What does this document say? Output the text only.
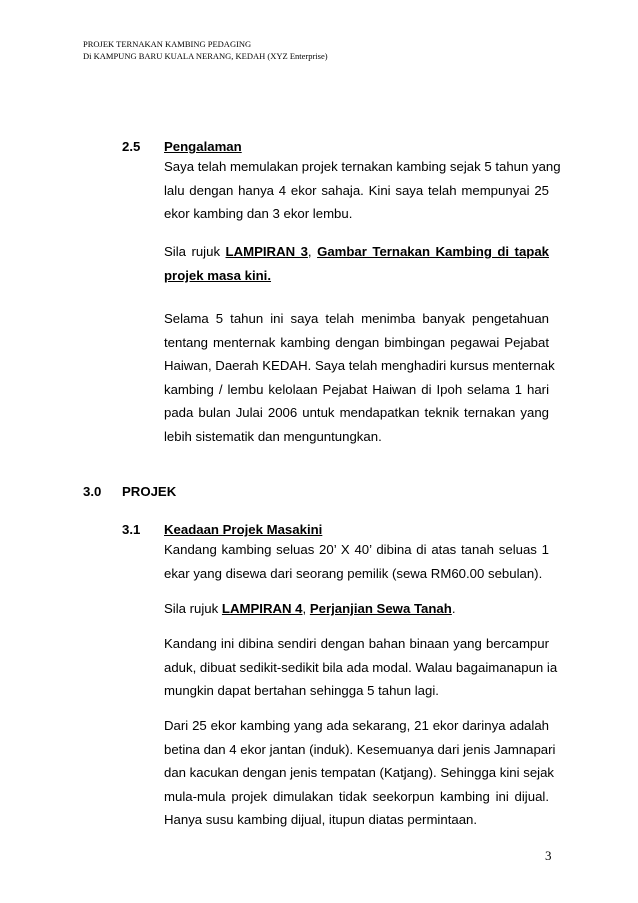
PROJEK TERNAKAN KAMBING PEDAGING
Di KAMPUNG BARU KUALA NERANG, KEDAH (XYZ Enterprise)
2.5 Pengalaman
Saya telah memulakan projek ternakan kambing sejak 5 tahun yang
lalu dengan hanya 4 ekor sahaja. Kini saya telah mempunyai 25
ekor kambing dan 3 ekor lembu.
Sila rujuk LAMPIRAN 3, Gambar Ternakan Kambing di tapak
projek masa kini.
Selama 5 tahun ini saya telah menimba banyak pengetahuan
tentang menternak kambing dengan bimbingan pegawai Pejabat
Haiwan, Daerah KEDAH. Saya telah menghadiri kursus menternak
kambing / lembu kelolaan Pejabat Haiwan di Ipoh selama 1 hari
pada bulan Julai 2006 untuk mendapatkan teknik ternakan yang
lebih sistematik dan menguntungkan.
3.0 PROJEK
3.1 Keadaan Projek Masakini
Kandang kambing seluas 20’ X 40’ dibina di atas tanah seluas 1
ekar yang disewa dari seorang pemilik (sewa RM60.00 sebulan).
Sila rujuk LAMPIRAN 4, Perjanjian Sewa Tanah.
Kandang ini dibina sendiri dengan bahan binaan yang bercampur
aduk, dibuat sedikit-sedikit bila ada modal. Walau bagaimanapun ia
mungkin dapat bertahan sehingga 5 tahun lagi.
Dari 25 ekor kambing yang ada sekarang, 21 ekor darinya adalah
betina dan 4 ekor jantan (induk). Kesemuanya dari jenis Jamnapari
dan kacukan dengan jenis tempatan (Katjang). Sehingga kini sejak
mula-mula projek dimulakan tidak seekorpun kambing ini dijual.
Hanya susu kambing dijual, itupun diatas permintaan.
3
